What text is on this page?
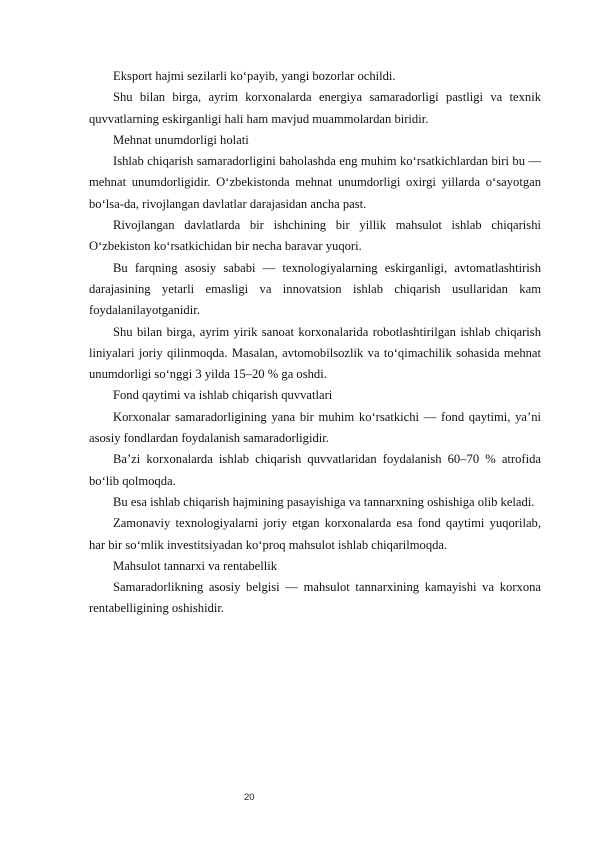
Eksport hajmi sezilarli ko‘payib, yangi bozorlar ochildi.

Shu bilan birga, ayrim korxonalarda energiya samaradorligi pastligi va texnik quvvatlarning eskirganligi hali ham mavjud muammolardan biridir.

Mehnat unumdorligi holati

Ishlab chiqarish samaradorligini baholashda eng muhim ko‘rsatkichlardan biri bu — mehnat unumdorligidir. O‘zbekistonda mehnat unumdorligi oxirgi yillarda o‘sayotgan bo‘lsa-da, rivojlangan davlatlar darajasidan ancha past.

Rivojlangan davlatlarda bir ishchining bir yillik mahsulot ishlab chiqarishi O‘zbekiston ko‘rsatkichidan bir necha baravar yuqori.

Bu farqning asosiy sababi — texnologiyalarning eskirganligi, avtomatlashtirish darajasining yetarli emasligi va innovatsion ishlab chiqarish usullaridan kam foydalanilayotganidir.

Shu bilan birga, ayrim yirik sanoat korxonalarida robotlashtirilgan ishlab chiqarish liniyalari joriy qilinmoqda. Masalan, avtomobilsozlik va to‘qimachilik sohasida mehnat unumdorligi so‘nggi 3 yilda 15–20 % ga oshdi.

Fond qaytimi va ishlab chiqarish quvvatlari

Korxonalar samaradorligining yana bir muhim ko‘rsatkichi — fond qaytimi, ya’ni asosiy fondlardan foydalanish samaradorligidir.

Ba’zi korxonalarda ishlab chiqarish quvvatlaridan foydalanish 60–70 % atrofida bo‘lib qolmoqda.

Bu esa ishlab chiqarish hajmining pasayishiga va tannarxning oshishiga olib keladi.

Zamonaviy texnologiyalarni joriy etgan korxonalarda esa fond qaytimi yuqorilab, har bir so‘mlik investitsiyadan ko‘proq mahsulot ishlab chiqarilmoqda.

Mahsulot tannarxi va rentabellik

Samaradorlikning asosiy belgisi — mahsulot tannarxining kamayishi va korxona rentabelligining oshishidir.

20
